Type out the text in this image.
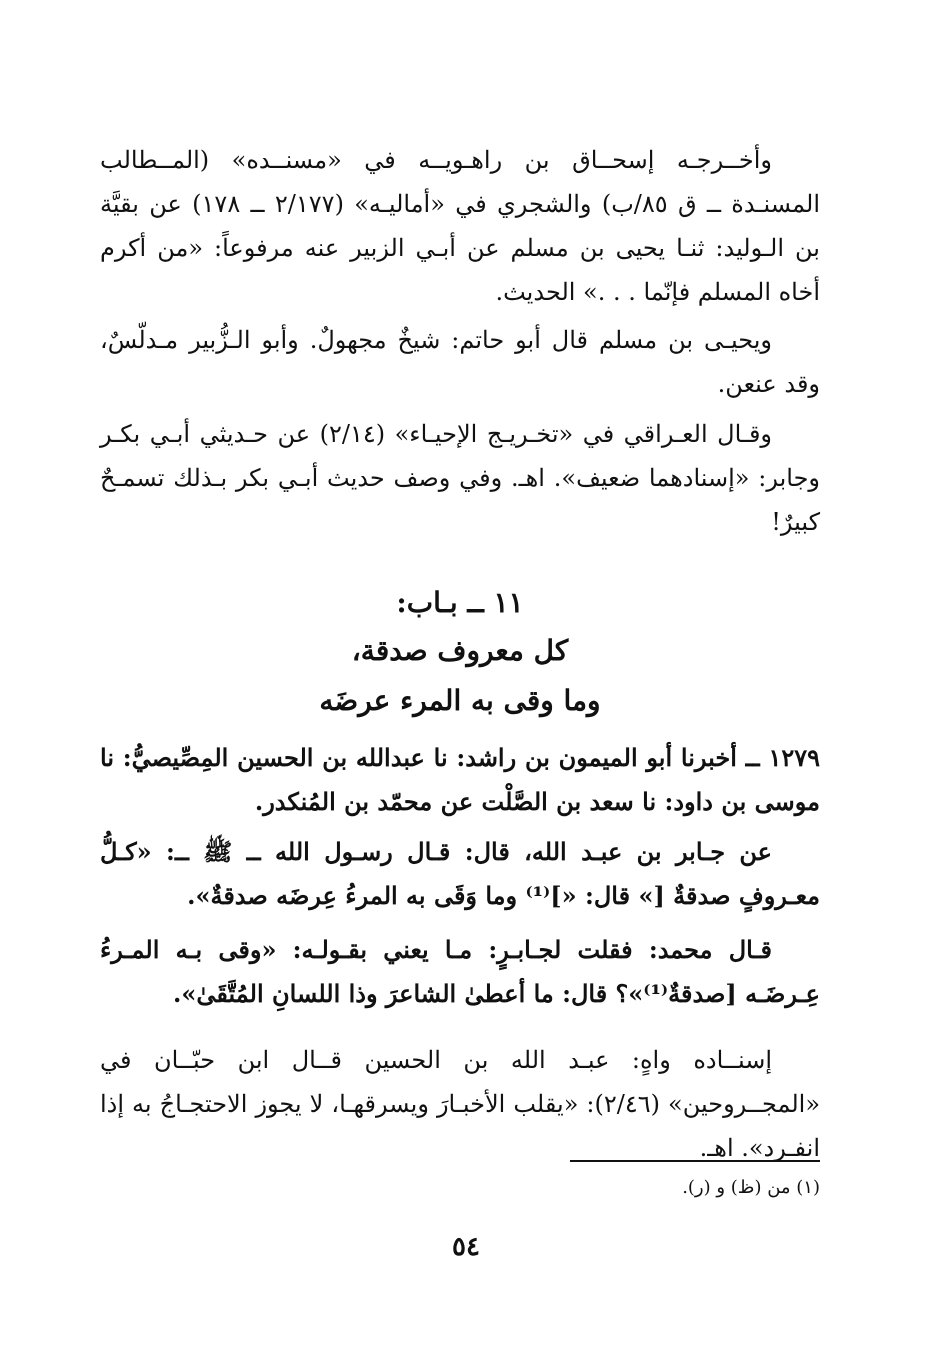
وأخــرجـه إسحــاق بن راهـويــه في «مسنــده» (المــطالب المسنـدة ــ ق ٨٥/ب) والشجري في «أماليـه» (٢/١٧٧ ــ ١٧٨) عن بقيَّة بن الـوليد: ثنـا يحيى بن مسلم عن أبـي الزبير عنه مرفوعاً: «من أكرم أخاه المسلم فإنّما . . .» الحديث.

ويحيـى بن مسلم قال أبو حاتم: شيخٌ مجهولٌ. وأبو الـزُّبير مـدلّسٌ، وقد عنعن.

وقـال العـراقي في «تخـريـج الإحيـاء» (٢/١٤) عن حـديثي أبـي بكـر وجابر: «إسنادهما ضعيف». اهـ. وفي وصف حديث أبـي بكر بـذلك تسمـحٌ كبيرٌ!

١١ ــ بـاب:
كل معروف صدقة،
وما وقى به المرء عرضَه

١٢٧٩ ــ أخبرنا أبو الميمون بن راشد: نا عبدالله بن الحسين المِصِّيصيُّ: نا موسى بن داود: نا سعد بن الصَّلْت عن محمّد بن المُنكدر.

عن جـابر بن عبـد الله، قال: قـال رسـول الله ــ ﷺ ــ: «كـلُّ معـروفٍ صدقةٌ [» قال: «]⁽¹⁾ وما وَقَى به المرءُ عِرضَه صدقةٌ».

قـال محمد: فقلت لجـابـرٍ: مـا يعني بقـولـه: «وقى بـه المـرءُ عِـرضَـه [صدقةٌ⁽¹⁾»؟ قال: ما أعطىٰ الشاعرَ وذا اللسانِ المُتَّقَىٰ».

إسنــاده واهٍ: عبـد الله بن الحسين قــال ابن حبّــان في «المجــروحين» (٢/٤٦): «يقلب الأخبـارَ ويسرقهـا، لا يجوز الاحتجـاجُ به إذا انفـرد». اهـ.

(١) من (ظ) و (ر).
٥٤
